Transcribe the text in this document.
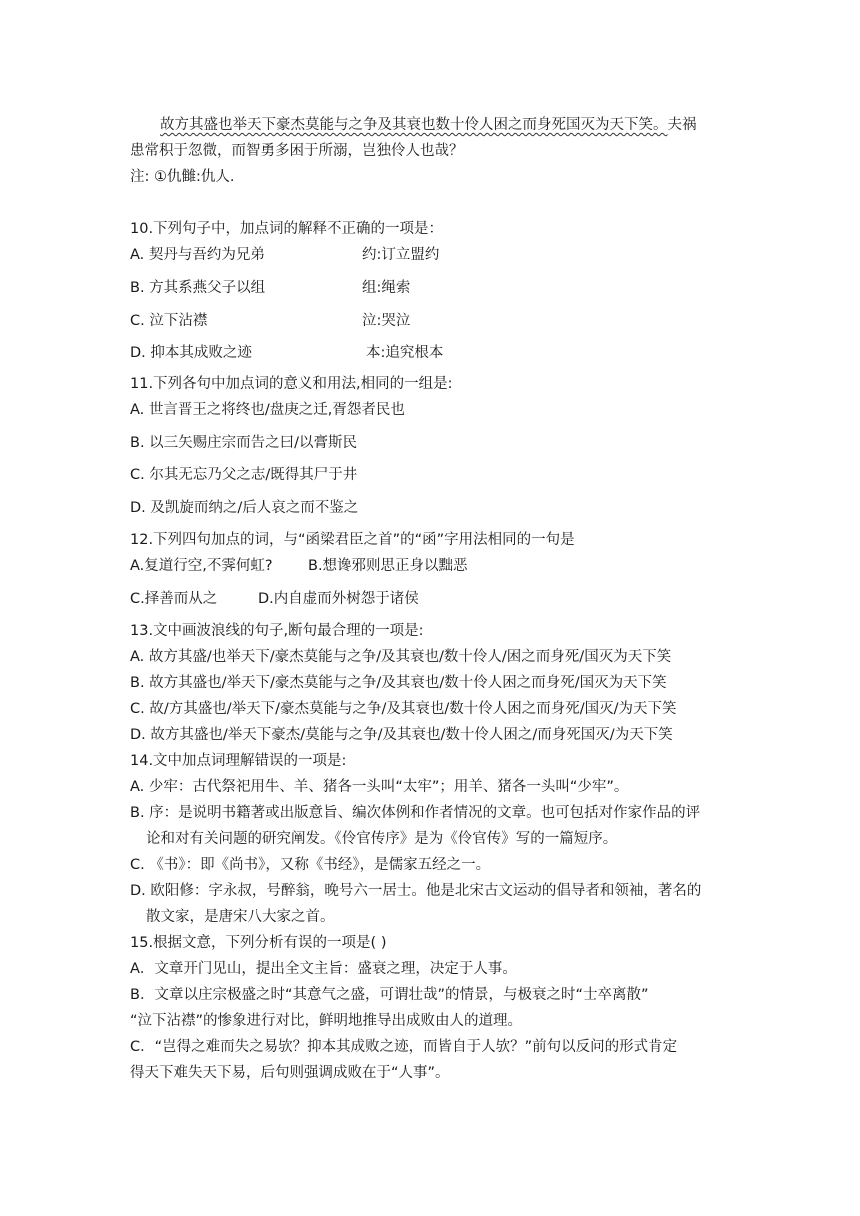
故方其盛也举天下豪杰莫能与之争及其衰也数十伶人困之而身死国灭为天下笑。夫祸
患常积于忽微，而智勇多困于所溺，岂独伶人也哉？
注: ①仇雠:仇人.
10.下列句子中，加点词的解释不正确的一项是：
A. 契丹与吾约为兄弟	约:订立盟约
B. 方其系燕父子以组	组:绳索
C. 泣下沾襟	泣:哭泣
D. 抑本其成败之迹	本:追究根本
11.下列各句中加点词的意义和用法,相同的一组是:
A. 世言晋王之将终也/盘庚之迁,胥怨者民也
B. 以三矢赐庄宗而告之曰/以膏斯民
C. 尔其无忘乃父之志/既得其尸于井
D. 及凯旋而纳之/后人哀之而不鉴之
12.下列四句加点的词，与“函梁君臣之首”的“函”字用法相同的一句是
A.复道行空,不霁何虹? B.想谗邪则思正身以黜恶
C.择善而从之	D.内自虚而外树怨于诸侯
13.文中画波浪线的句子,断句最合理的一项是:
A. 故方其盛/也举天下/豪杰莫能与之争/及其衰也/数十伶人/困之而身死/国灭为天下笑
B. 故方其盛也/举天下/豪杰莫能与之争/及其衰也/数十伶人困之而身死/国灭为天下笑
C. 故/方其盛也/举天下/豪杰莫能与之争/及其衰也/数十伶人困之而身死/国灭/为天下笑
D. 故方其盛也/举天下豪杰/莫能与之争/及其衰也/数十伶人困之/而身死国灭/为天下笑
14.文中加点词理解错误的一项是:
A. 少牢：古代祭祀用牛、羊、猪各一头叫“太牢”；用羊、猪各一头叫“少牢”。
B. 序：是说明书籍著或出版意旨、编次体例和作者情况的文章。也可包括对作家作品的评
论和对有关问题的研究阐发。《伶官传序》是为《伶官传》写的一篇短序。
C. 《书》：即《尚书》，又称《书经》，是儒家五经之一。
D. 欧阳修：字永叔，号醉翁，晚号六一居士。他是北宋古文运动的倡导者和领袖，著名的
散文家，是唐宋八大家之首。
15.根据文意，下列分析有误的一项是( )
A．文章开门见山，提出全文主旨：盛衰之理，决定于人事。
B．文章以庄宗极盛之时“其意气之盛，可谓壮哉”的情景，与极衰之时“士卒离散”
“泣下沾襟”的惨象进行对比，鲜明地推导出成败由人的道理。
C．“岂得之难而失之易欤？抑本其成败之迹，而皆自于人欤？”前句以反问的形式肯定
得天下难失天下易，后句则强调成败在于“人事”。
